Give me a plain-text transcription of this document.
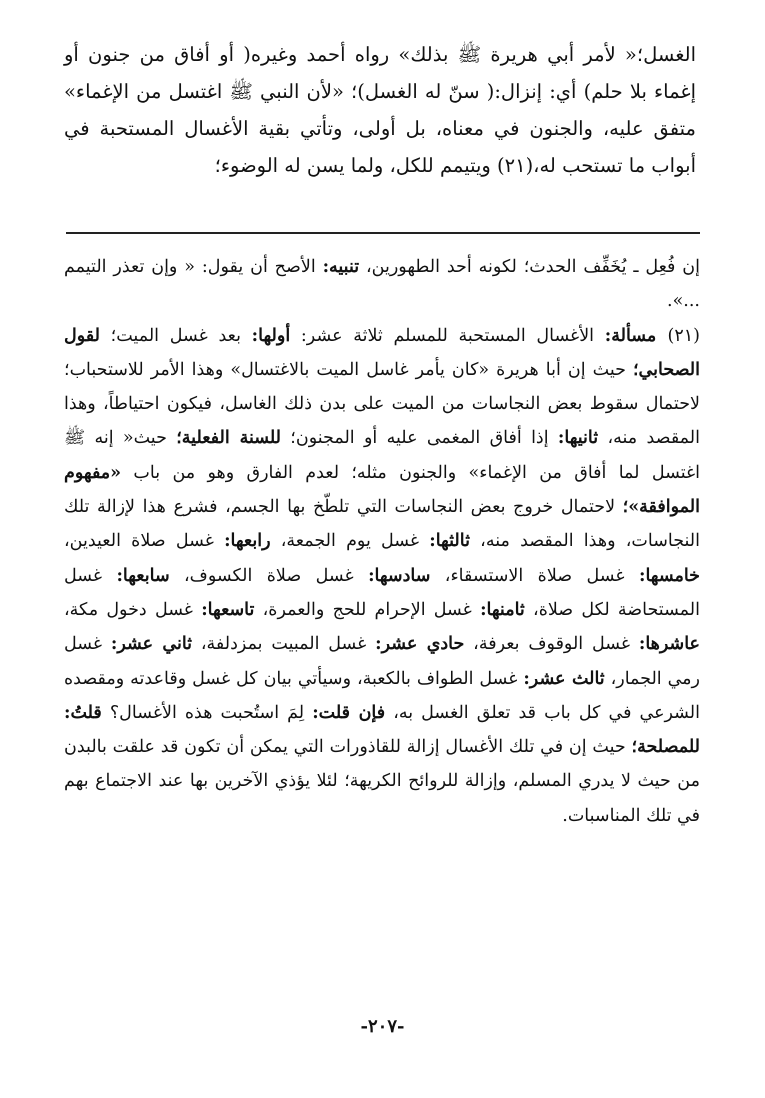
الغسل؛« لأمر أبي هريرة ﷺ بذلك» رواه أحمد وغيره( أو أفاق من جنون أو إغماء بلا حلم) أي: إنزال:( سنّ له الغسل)؛ «لأن النبي ﷺ اغتسل من الإغماء» متفق عليه، والجنون في معناه، بل أولى، وتأتي بقية الأغسال المستحبة في أبواب ما تستحب له،(٢١) ويتيمم للكل، ولما يسن له الوضوء؛

إن فُعِل ـ يُخَفِّف الحدث؛ لكونه أحد الطهورين، تنبيه: الأصح أن يقول: « وإن تعذر التيمم ...».

(٢١) مسألة: الأغسال المستحبة للمسلم ثلاثة عشر: أولها: بعد غسل الميت؛ لقول الصحابي؛ حيث إن أبا هريرة «كان يأمر غاسل الميت بالاغتسال» وهذا الأمر للاستحباب؛ لاحتمال سقوط بعض النجاسات من الميت على بدن ذلك الغاسل، فيكون احتياطاً، وهذا المقصد منه، ثانيها: إذا أفاق المغمى عليه أو المجنون؛ للسنة الفعلية؛ حيث« إنه ﷺ اغتسل لما أفاق من الإغماء» والجنون مثله؛ لعدم الفارق وهو من باب «مفهوم الموافقة»؛ لاحتمال خروج بعض النجاسات التي تلطّخ بها الجسم، فشرع هذا لإزالة تلك النجاسات، وهذا المقصد منه، ثالثها: غسل يوم الجمعة، رابعها: غسل صلاة العيدين، خامسها: غسل صلاة الاستسقاء، سادسها: غسل صلاة الكسوف، سابعها: غسل المستحاضة لكل صلاة، ثامنها: غسل الإحرام للحج والعمرة، تاسعها: غسل دخول مكة، عاشرها: غسل الوقوف بعرفة، حادي عشر: غسل المبيت بمزدلفة، ثاني عشر: غسل رمي الجمار، ثالث عشر: غسل الطواف بالكعبة، وسيأتي بيان كل غسل وقاعدته ومقصده الشرعي في كل باب قد تعلق الغسل به، فإن قلت: لِمَ استُحبت هذه الأغسال؟ قلتُ: للمصلحة؛ حيث إن في تلك الأغسال إزالة للقاذورات التي يمكن أن تكون قد علقت بالبدن من حيث لا يدري المسلم، وإزالة للروائح الكريهة؛ لئلا يؤذي الآخرين بها عند الاجتماع بهم في تلك المناسبات.

-٢٠٧-
